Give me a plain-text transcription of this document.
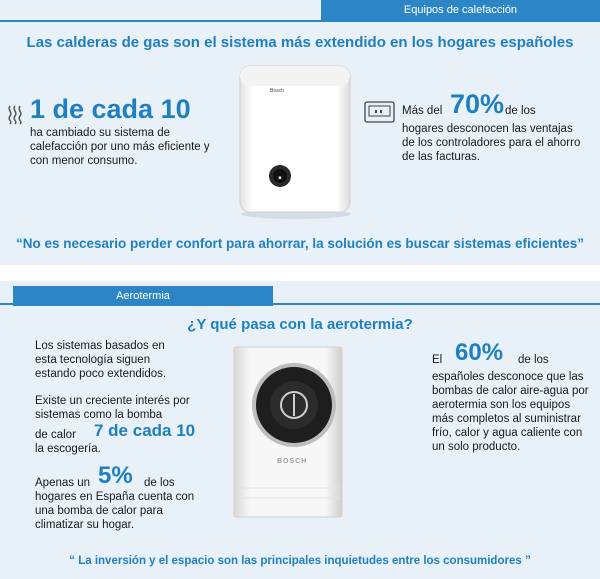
Equipos de calefacción
Las calderas de gas son el sistema más extendido en los hogares españoles
1 de cada 10
ha cambiado su sistema de calefacción por uno más eficiente y con menor consumo.
▪
Bosch
Más del 70% de los
hogares desconocen las ventajas de los controladores para el ahorro de las facturas.
“No es necesario perder confort para ahorrar, la solución es buscar sistemas eficientes”
Aerotermia
¿Y qué pasa con la aerotermia?
Los sistemas basados en esta tecnología siguen estando poco extendidos.
Existe un creciente interés por sistemas como la bomba
de calor 7 de cada 10
la escogería.
Apenas un 5% de los
hogares en España cuenta con una bomba de calor para climatizar su hogar.
BOSCH
El 60% de los
españoles desconoce que las bombas de calor aire-agua por aerotermia son los equipos más completos al suministrar frío, calor y agua caliente con un solo producto.
“ La inversión y el espacio son las principales inquietudes entre los consumidores ”
